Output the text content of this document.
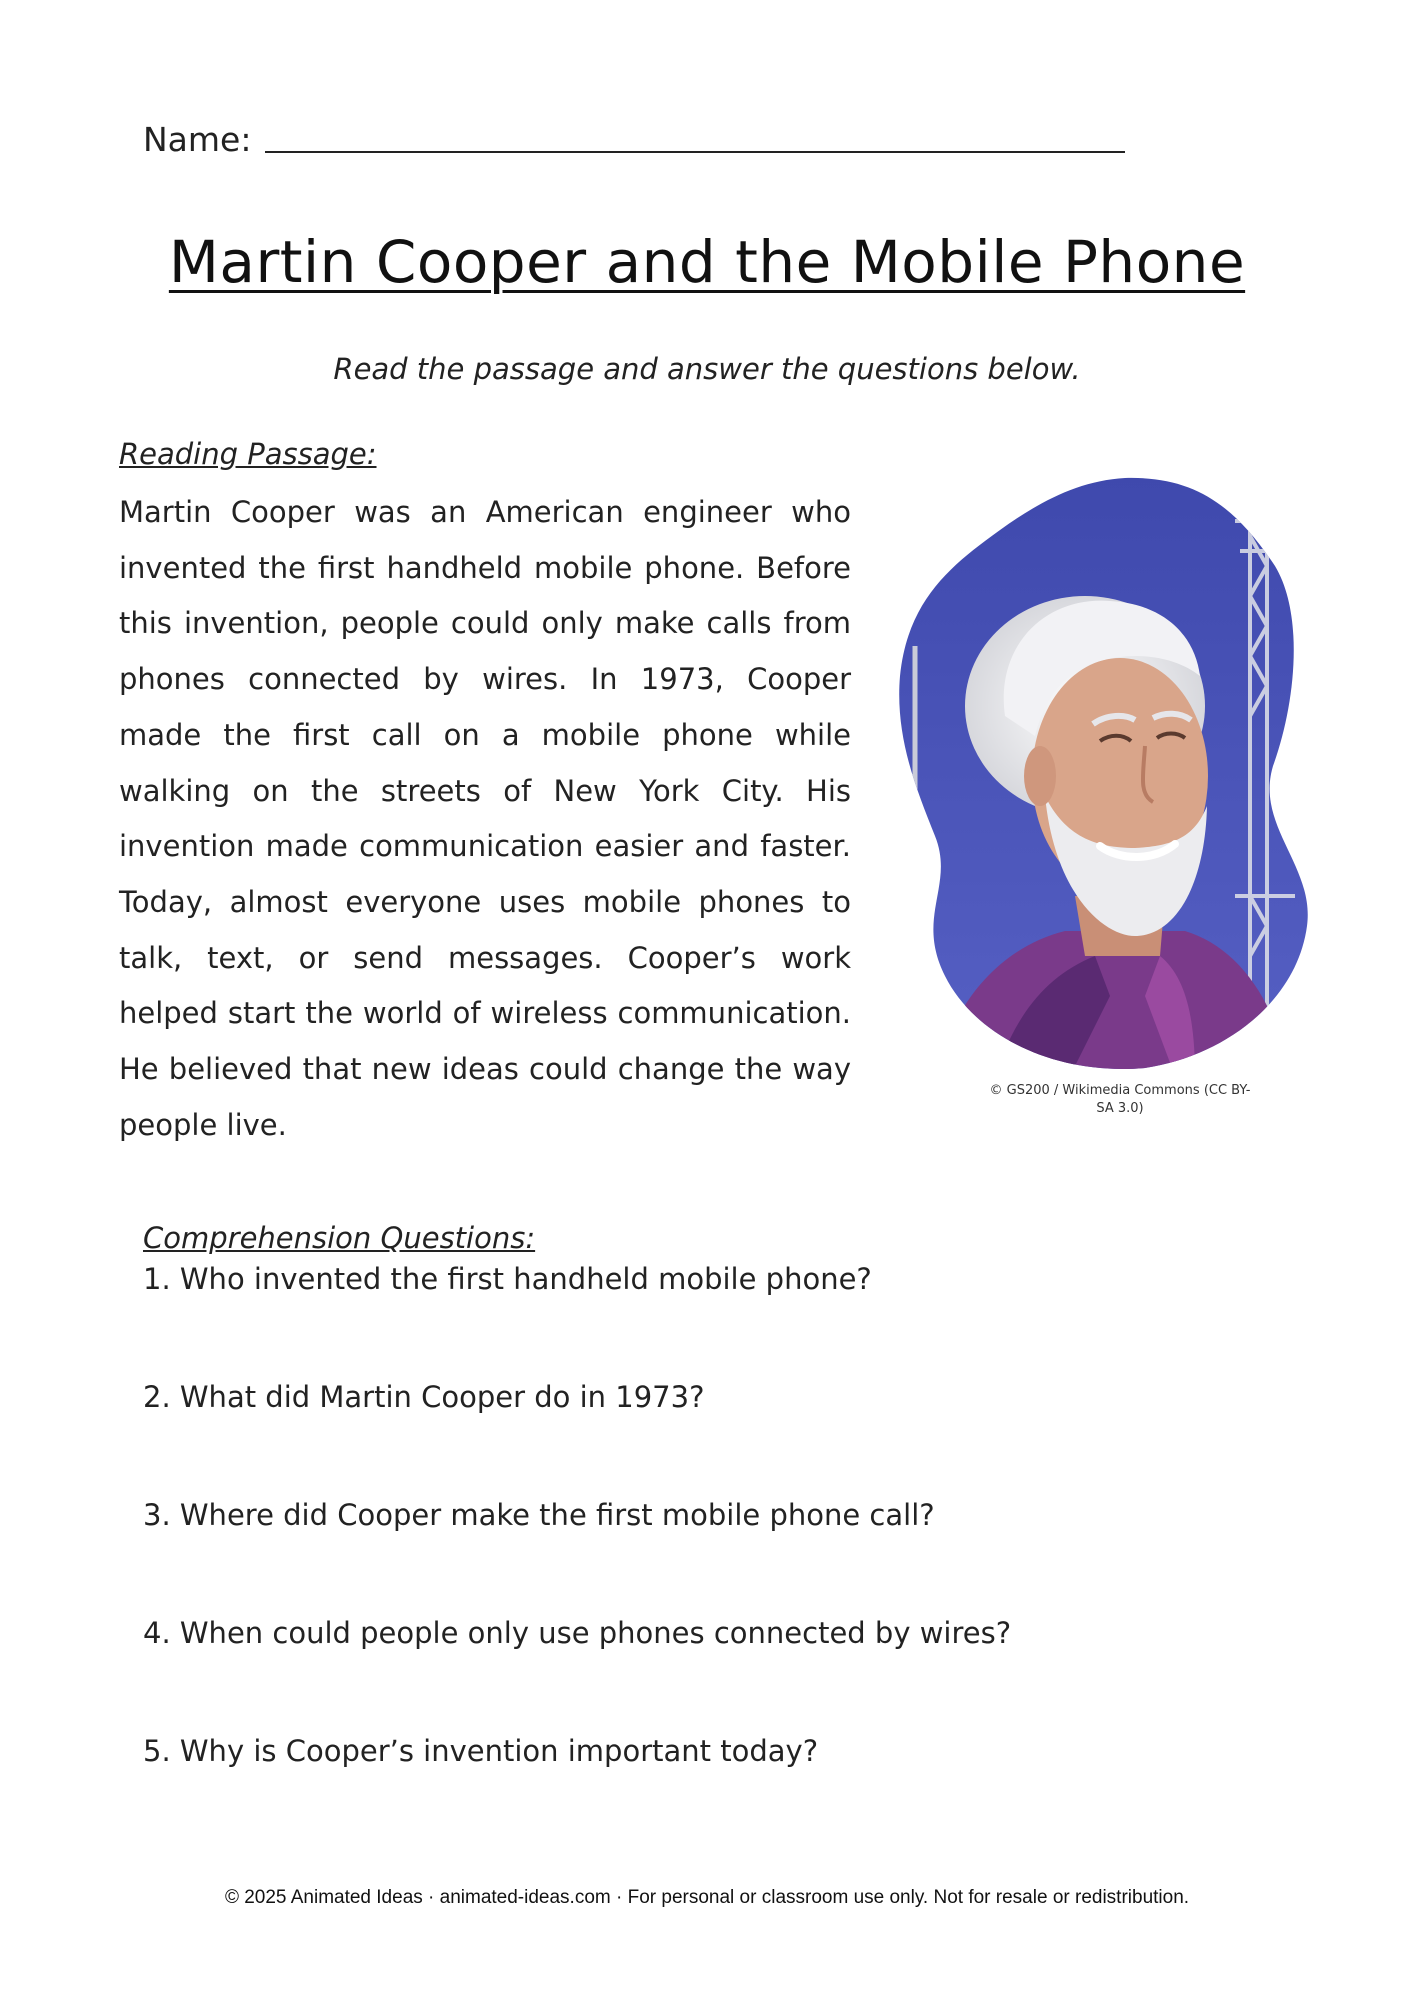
Name:
Martin Cooper and the Mobile Phone
Read the passage and answer the questions below.
Reading Passage:
Martin Cooper was an American engineer who invented the first handheld mobile phone. Before this invention, people could only make calls from phones connected by wires. In 1973, Cooper made the first call on a mobile phone while walking on the streets of New York City. His invention made communication easier and faster. Today, almost everyone uses mobile phones to talk, text, or send messages. Cooper’s work helped start the world of wireless communication. He believed that new ideas could change the way people live.
© GS200 / Wikimedia Commons (CC BY-SA 3.0)
Comprehension Questions:
1. Who invented the first handheld mobile phone?
2. What did Martin Cooper do in 1973?
3. Where did Cooper make the first mobile phone call?
4. When could people only use phones connected by wires?
5. Why is Cooper’s invention important today?
© 2025 Animated Ideas · animated-ideas.com · For personal or classroom use only. Not for resale or redistribution.
